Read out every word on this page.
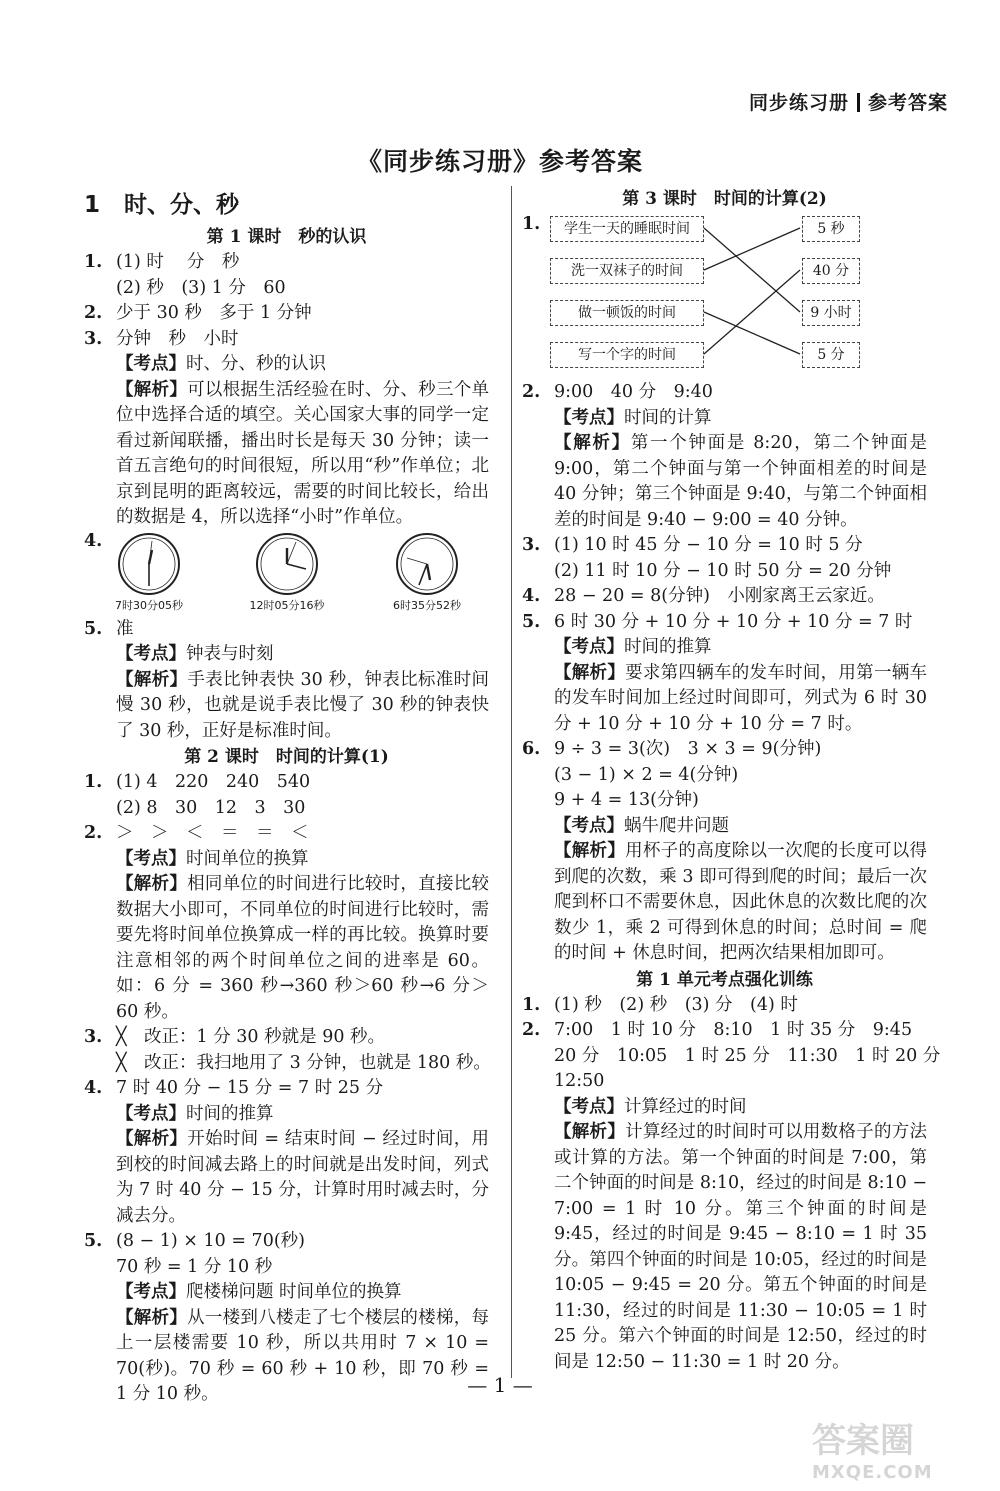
同步练习册 参考答案
《同步练习册》参考答案
1 时、分、秒
第 1 课时　秒的认识
1. (1) 时　 分　秒
(2) 秒　(3) 1 分　60
2. 少于 30 秒　多于 1 分钟
3. 分钟　秒　小时
【考点】时、分、秒的认识
【解析】可以根据生活经验在时、分、秒三个单位中选择合适的填空。关心国家大事的同学一定看过新闻联播，播出时长是每天 30 分钟；读一首五言绝句的时间很短，所以用“秒”作单位；北京到昆明的距离较远，需要的时间比较长，给出的数据是 4，所以选择“小时”作单位。
4.
7时30分05秒	12时05分16秒	6时35分52秒
5. 准
【考点】钟表与时刻
【解析】手表比钟表快 30 秒，钟表比标准时间慢 30 秒，也就是说手表比慢了 30 秒的钟表快了 30 秒，正好是标准时间。
第 2 课时　时间的计算(1)
1. (1) 4　220　240　540
(2) 8　30　12　3　30
2. ＞　＞　＜　＝　＝　＜
【考点】时间单位的换算
【解析】相同单位的时间进行比较时，直接比较数据大小即可，不同单位的时间进行比较时，需要先将时间单位换算成一样的再比较。换算时要注意相邻的两个时间单位之间的进率是 60。如：6 分 = 360 秒→360 秒＞60 秒→6 分＞60 秒。
3. ╳　改正：1 分 30 秒就是 90 秒。
╳　改正：我扫地用了 3 分钟，也就是 180 秒。
4. 7 时 40 分 − 15 分 = 7 时 25 分
【考点】时间的推算
【解析】开始时间 = 结束时间 − 经过时间，用到校的时间减去路上的时间就是出发时间，列式为 7 时 40 分 − 15 分，计算时用时减去时，分减去分。
5. (8 − 1) × 10 = 70(秒)
70 秒 = 1 分 10 秒
【考点】爬楼梯问题 时间单位的换算
【解析】从一楼到八楼走了七个楼层的楼梯，每上一层楼需要 10 秒，所以共用时 7 × 10 = 70(秒)。70 秒 = 60 秒 + 10 秒，即 70 秒 = 1 分 10 秒。
第 3 课时　时间的计算(2)
1.	学生一天的睡眠时间
洗一双袜子的时间
做一顿饭的时间
写一个字的时间
5 秒
40 分
9 小时
5 分
2. 9:00　40 分　9:40
【考点】时间的计算
【解析】第一个钟面是 8:20，第二个钟面是 9:00，第二个钟面与第一个钟面相差的时间是 40 分钟；第三个钟面是 9:40，与第二个钟面相差的时间是 9:40 − 9:00 = 40 分钟。
3. (1) 10 时 45 分 − 10 分 = 10 时 5 分
(2) 11 时 10 分 − 10 时 50 分 = 20 分钟
4. 28 − 20 = 8(分钟)　小刚家离王云家近。
5. 6 时 30 分 + 10 分 + 10 分 + 10 分 = 7 时
【考点】时间的推算
【解析】要求第四辆车的发车时间，用第一辆车的发车时间加上经过时间即可，列式为 6 时 30 分 + 10 分 + 10 分 + 10 分 = 7 时。
6. 9 ÷ 3 = 3(次)　3 × 3 = 9(分钟)
(3 − 1) × 2 = 4(分钟)
9 + 4 = 13(分钟)
【考点】蜗牛爬井问题
【解析】用杯子的高度除以一次爬的长度可以得到爬的次数，乘 3 即可得到爬的时间；最后一次爬到杯口不需要休息，因此休息的次数比爬的次数少 1，乘 2 可得到休息的时间；总时间 = 爬的时间 + 休息时间，把两次结果相加即可。
第 1 单元考点强化训练
1. (1) 秒　(2) 秒　(3) 分　(4) 时
2. 7:00　1 时 10 分　8:10　1 时 35 分　9:45
20 分　10:05　1 时 25 分　11:30　1 时 20 分
12:50
【考点】计算经过的时间
【解析】计算经过的时间时可以用数格子的方法或计算的方法。第一个钟面的时间是 7:00，第二个钟面的时间是 8:10，经过的时间是 8:10 − 7:00 = 1 时 10 分。第三个钟面的时间是 9:45，经过的时间是 9:45 − 8:10 = 1 时 35 分。第四个钟面的时间是 10:05，经过的时间是 10:05 − 9:45 = 20 分。第五个钟面的时间是 11:30，经过的时间是 11:30 − 10:05 = 1 时 25 分。第六个钟面的时间是 12:50，经过的时间是 12:50 − 11:30 = 1 时 20 分。
— 1 —
答案圈
MXQE.COM
